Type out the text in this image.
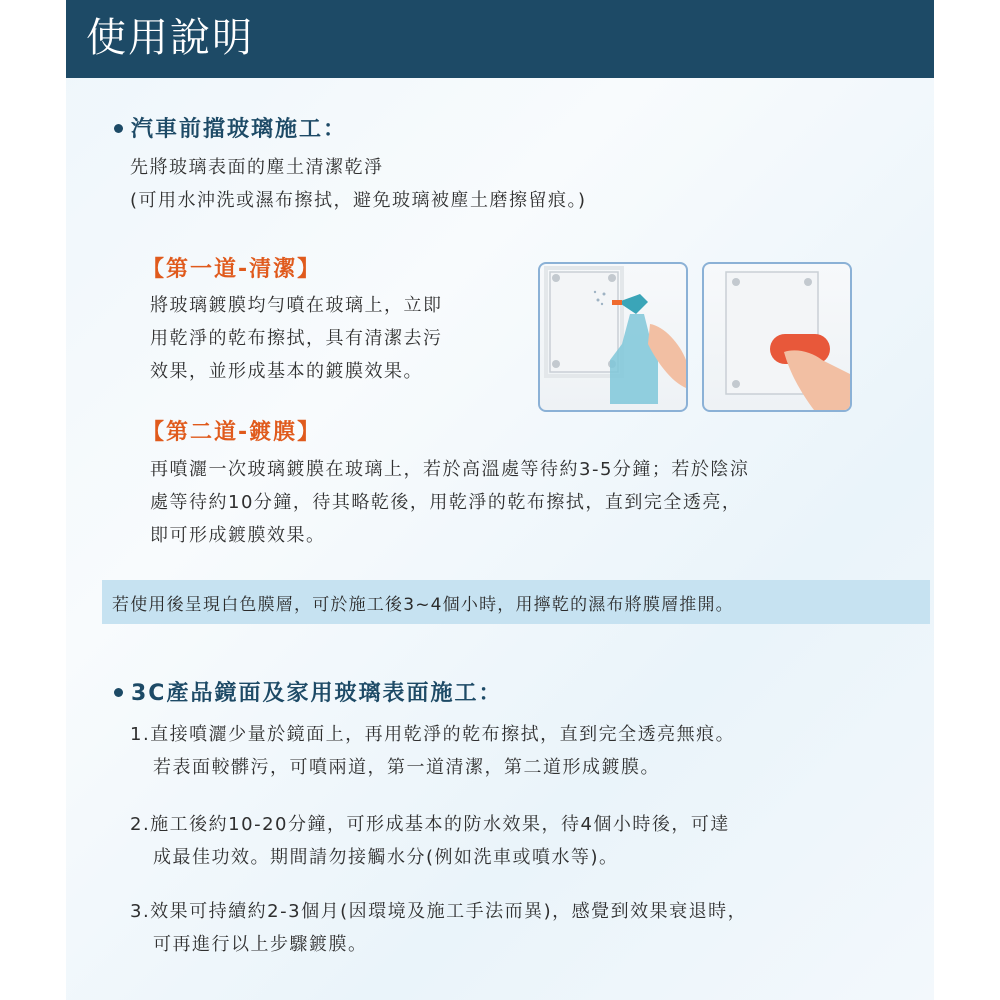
使用說明
汽車前擋玻璃施工：
先將玻璃表面的塵土清潔乾淨
(可用水沖洗或濕布擦拭，避免玻璃被塵土磨擦留痕。)
【第一道-清潔】
將玻璃鍍膜均勻噴在玻璃上，立即
用乾淨的乾布擦拭，具有清潔去污
效果，並形成基本的鍍膜效果。
【第二道-鍍膜】
再噴灑一次玻璃鍍膜在玻璃上，若於高溫處等待約3-5分鐘；若於陰涼
處等待約10分鐘，待其略乾後，用乾淨的乾布擦拭，直到完全透亮，
即可形成鍍膜效果。
若使用後呈現白色膜層，可於施工後3~4個小時，用擰乾的濕布將膜層推開。
3C產品鏡面及家用玻璃表面施工：
1.直接噴灑少量於鏡面上，再用乾淨的乾布擦拭，直到完全透亮無痕。
若表面較髒污，可噴兩道，第一道清潔，第二道形成鍍膜。
2.施工後約10-20分鐘，可形成基本的防水效果，待4個小時後，可達
成最佳功效。期間請勿接觸水分(例如洗車或噴水等)。
3.效果可持續約2-3個月(因環境及施工手法而異)，感覺到效果衰退時，
可再進行以上步驟鍍膜。
